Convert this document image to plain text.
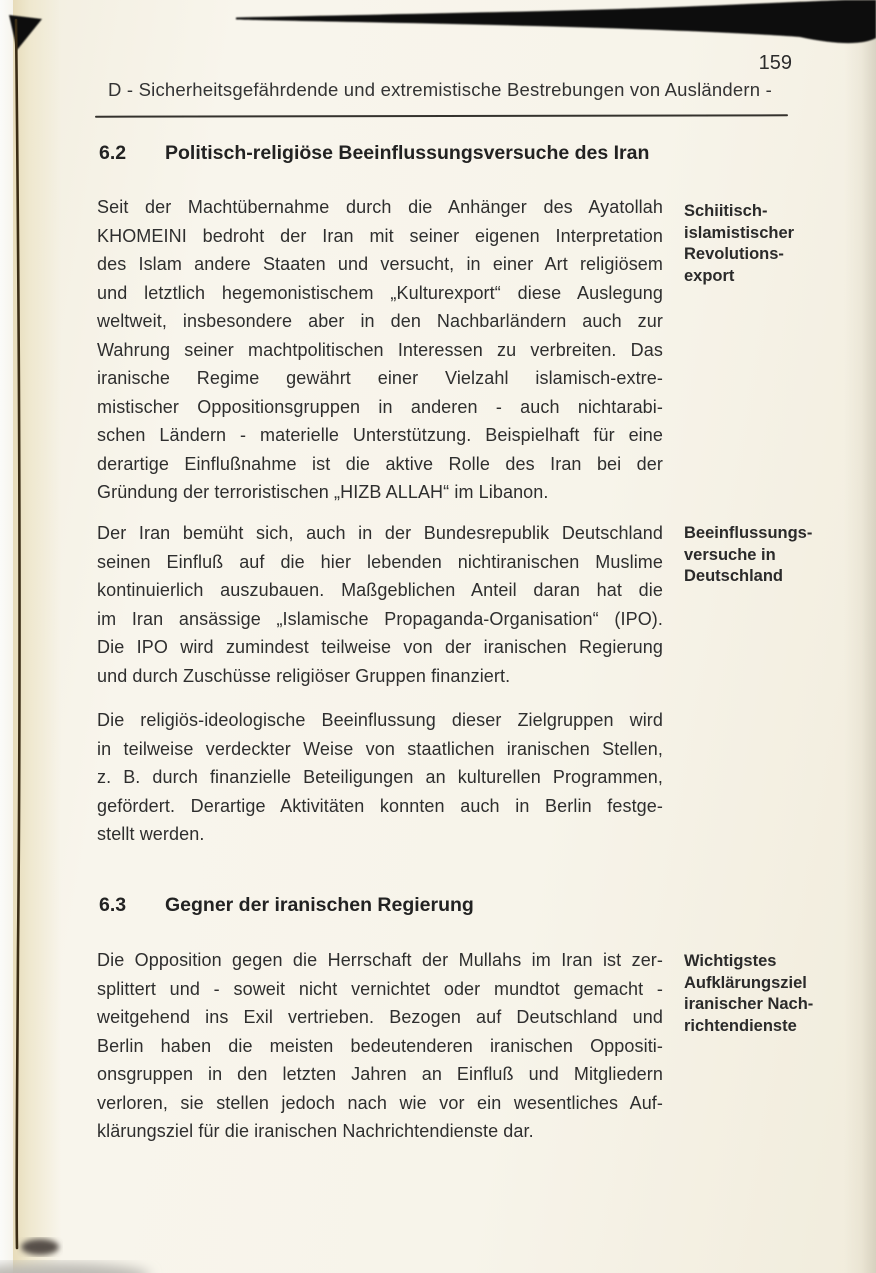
159
D - Sicherheitsgefährdende und extremistische Bestrebungen von Ausländern -
6.2 Politisch-religiöse Beeinflussungsversuche des Iran
Seit der Machtübernahme durch die Anhänger des Ayatollah
KHOMEINI bedroht der Iran mit seiner eigenen Interpretation
des Islam andere Staaten und versucht, in einer Art religiösem
und letztlich hegemonistischem „Kulturexport“ diese Auslegung
weltweit, insbesondere aber in den Nachbarländern auch zur
Wahrung seiner machtpolitischen Interessen zu verbreiten. Das
iranische Regime gewährt einer Vielzahl islamisch-extre-
mistischer Oppositionsgruppen in anderen - auch nichtarabi-
schen Ländern - materielle Unterstützung. Beispielhaft für eine
derartige Einflußnahme ist die aktive Rolle des Iran bei der
Gründung der terroristischen „HIZB ALLAH“ im Libanon.
Schiitisch-
islamistischer
Revolutions-
export
Der Iran bemüht sich, auch in der Bundesrepublik Deutschland
seinen Einfluß auf die hier lebenden nichtiranischen Muslime
kontinuierlich auszubauen. Maßgeblichen Anteil daran hat die
im Iran ansässige „Islamische Propaganda-Organisation“ (IPO).
Die IPO wird zumindest teilweise von der iranischen Regierung
und durch Zuschüsse religiöser Gruppen finanziert.
Beeinflussungs-
versuche in
Deutschland
Die religiös-ideologische Beeinflussung dieser Zielgruppen wird
in teilweise verdeckter Weise von staatlichen iranischen Stellen,
z. B. durch finanzielle Beteiligungen an kulturellen Programmen,
gefördert. Derartige Aktivitäten konnten auch in Berlin festge-
stellt werden.
6.3 Gegner der iranischen Regierung
Die Opposition gegen die Herrschaft der Mullahs im Iran ist zer-
splittert und - soweit nicht vernichtet oder mundtot gemacht -
weitgehend ins Exil vertrieben. Bezogen auf Deutschland und
Berlin haben die meisten bedeutenderen iranischen Oppositi-
onsgruppen in den letzten Jahren an Einfluß und Mitgliedern
verloren, sie stellen jedoch nach wie vor ein wesentliches Auf-
klärungsziel für die iranischen Nachrichtendienste dar.
Wichtigstes
Aufklärungsziel
iranischer Nach-
richtendienste
